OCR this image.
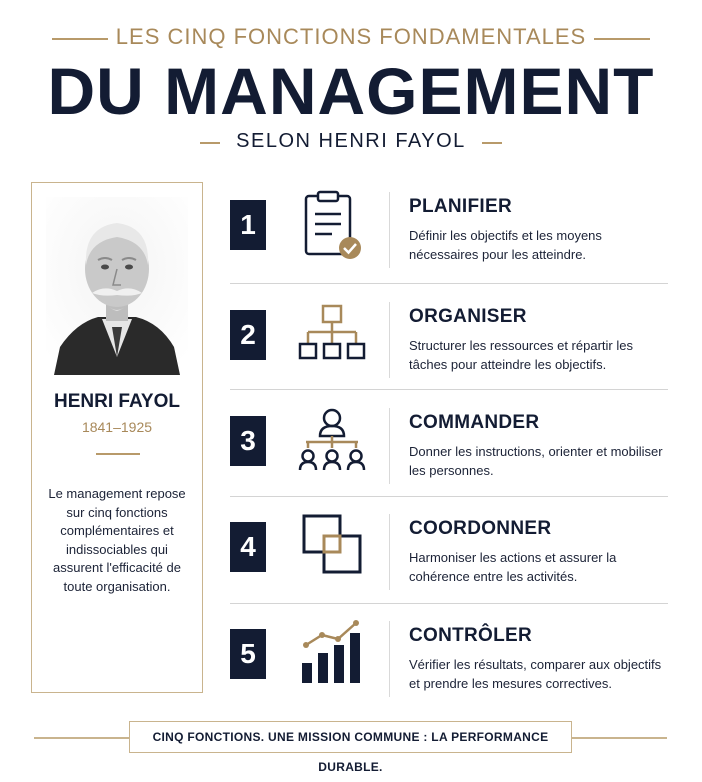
LES CINQ FONCTIONS FONDAMENTALES
DU MANAGEMENT
SELON HENRI FAYOL
HENRI FAYOL
1841–1925
Le management repose sur cinq fonctions complémentaires et indissociables qui assurent l'efficacité de toute organisation.
1
PLANIFIER
Définir les objectifs et les moyens nécessaires pour les atteindre.
2
ORGANISER
Structurer les ressources et répartir les tâches pour atteindre les objectifs.
3
COMMANDER
Donner les instructions, orienter et mobiliser les personnes.
4
COORDONNER
Harmoniser les actions et assurer la cohérence entre les activités.
5
CONTRÔLER
Vérifier les résultats, comparer aux objectifs et prendre les mesures correctives.
CINQ FONCTIONS. UNE MISSION COMMUNE : LA PERFORMANCE DURABLE.
